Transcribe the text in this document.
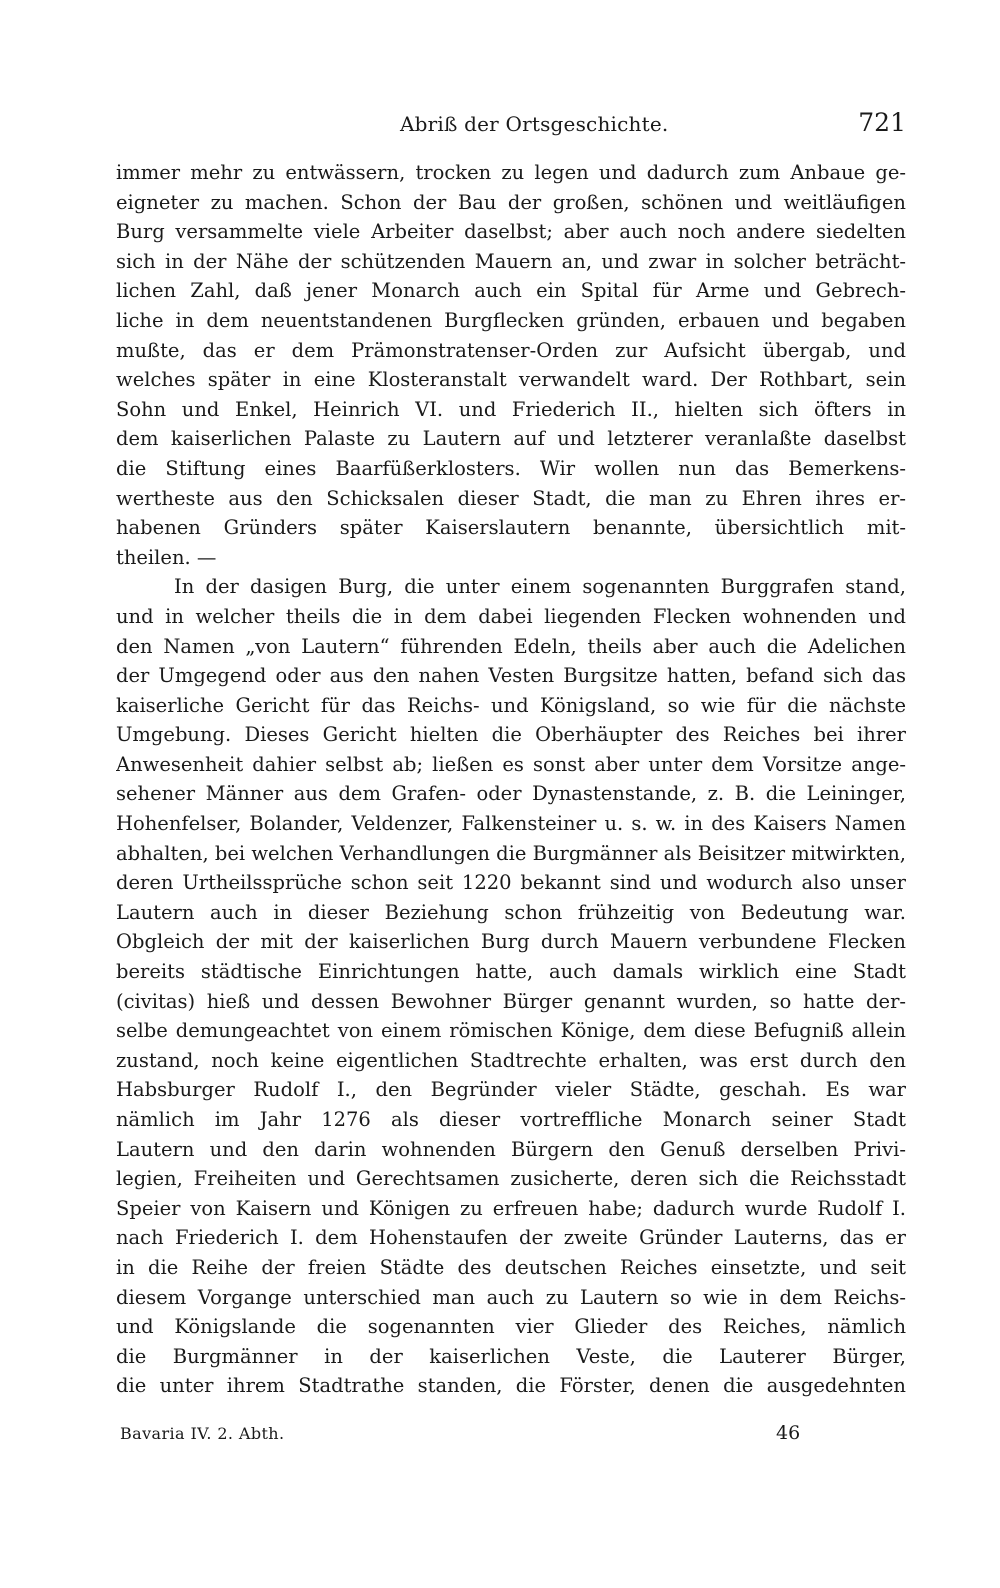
Abriß der Ortsgeschichte.	721
immer mehr zu entwässern, trocken zu legen und dadurch zum Anbaue ge-
eigneter zu machen. Schon der Bau der großen, schönen und weitläufigen
Burg versammelte viele Arbeiter daselbst; aber auch noch andere siedelten
sich in der Nähe der schützenden Mauern an, und zwar in solcher beträcht-
lichen Zahl, daß jener Monarch auch ein Spital für Arme und Gebrech-
liche in dem neuentstandenen Burgflecken gründen, erbauen und begaben
mußte, das er dem Prämonstratenser-Orden zur Aufsicht übergab, und
welches später in eine Klosteranstalt verwandelt ward. Der Rothbart, sein
Sohn und Enkel, Heinrich VI. und Friederich II., hielten sich öfters in
dem kaiserlichen Palaste zu Lautern auf und letzterer veranlaßte daselbst
die Stiftung eines Baarfüßerklosters. Wir wollen nun das Bemerkens-
wertheste aus den Schicksalen dieser Stadt, die man zu Ehren ihres er-
habenen Gründers später Kaiserslautern benannte, übersichtlich mit-
theilen. —
In der dasigen Burg, die unter einem sogenannten Burggrafen stand,
und in welcher theils die in dem dabei liegenden Flecken wohnenden und
den Namen „von Lautern“ führenden Edeln, theils aber auch die Adelichen
der Umgegend oder aus den nahen Vesten Burgsitze hatten, befand sich das
kaiserliche Gericht für das Reichs- und Königsland, so wie für die nächste
Umgebung. Dieses Gericht hielten die Oberhäupter des Reiches bei ihrer
Anwesenheit dahier selbst ab; ließen es sonst aber unter dem Vorsitze ange-
sehener Männer aus dem Grafen- oder Dynastenstande, z. B. die Leininger,
Hohenfelser, Bolander, Veldenzer, Falkensteiner u. s. w. in des Kaisers Namen
abhalten, bei welchen Verhandlungen die Burgmänner als Beisitzer mitwirkten,
deren Urtheilssprüche schon seit 1220 bekannt sind und wodurch also unser
Lautern auch in dieser Beziehung schon frühzeitig von Bedeutung war.
Obgleich der mit der kaiserlichen Burg durch Mauern verbundene Flecken
bereits städtische Einrichtungen hatte, auch damals wirklich eine Stadt
(civitas) hieß und dessen Bewohner Bürger genannt wurden, so hatte der-
selbe demungeachtet von einem römischen Könige, dem diese Befugniß allein
zustand, noch keine eigentlichen Stadtrechte erhalten, was erst durch den
Habsburger Rudolf I., den Begründer vieler Städte, geschah. Es war
nämlich im Jahr 1276 als dieser vortreffliche Monarch seiner Stadt
Lautern und den darin wohnenden Bürgern den Genuß derselben Privi-
legien, Freiheiten und Gerechtsamen zusicherte, deren sich die Reichsstadt
Speier von Kaisern und Königen zu erfreuen habe; dadurch wurde Rudolf I.
nach Friederich I. dem Hohenstaufen der zweite Gründer Lauterns, das er
in die Reihe der freien Städte des deutschen Reiches einsetzte, und seit
diesem Vorgange unterschied man auch zu Lautern so wie in dem Reichs-
und Königslande die sogenannten vier Glieder des Reiches, nämlich
die Burgmänner in der kaiserlichen Veste, die Lauterer Bürger,
die unter ihrem Stadtrathe standen, die Förster, denen die ausgedehnten
Bavaria IV. 2. Abth.	46
